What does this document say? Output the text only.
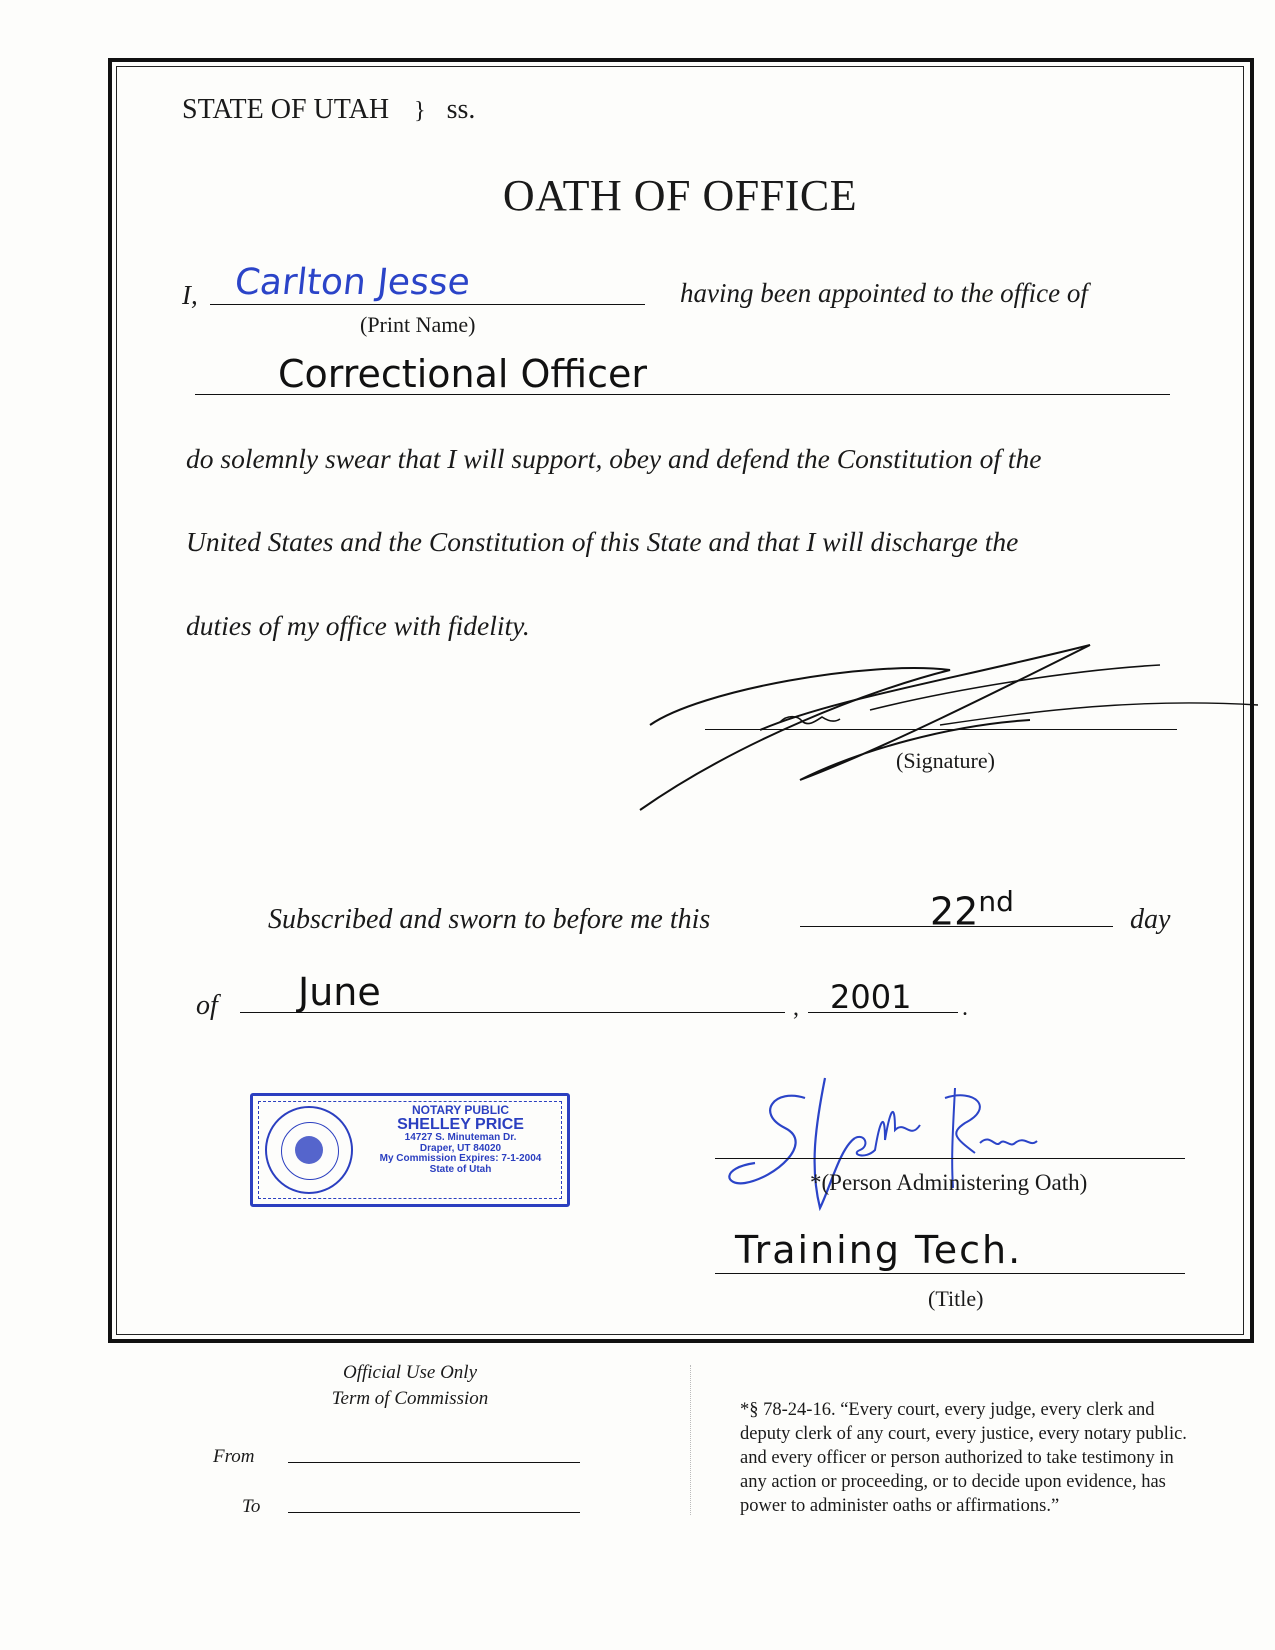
STATE OF UTAH } ss.
OATH OF OFFICE
I, Carlton Jesse
(Print Name)
having been appointed to the office of
Correctional Officer
do solemnly swear that I will support, obey and defend the Constitution of the
United States and the Constitution of this State and that I will discharge the
duties of my office with fidelity.
(Signature)
Subscribed and sworn to before me this	22nd
day
of June	, 2001 .
NOTARY PUBLIC
SHELLEY PRICE
14727 S. Minuteman Dr.
Draper, UT 84020
My Commission Expires: 7-1-2004
State of Utah
*(Person Administering Oath)
Training Tech.
(Title)
Official Use Only
Term of Commission
From
To
*§ 78-24-16. “Every court, every judge, every clerk and
deputy clerk of any court, every justice, every notary public.
and every officer or person authorized to take testimony in
any action or proceeding, or to decide upon evidence, has
power to administer oaths or affirmations.”
